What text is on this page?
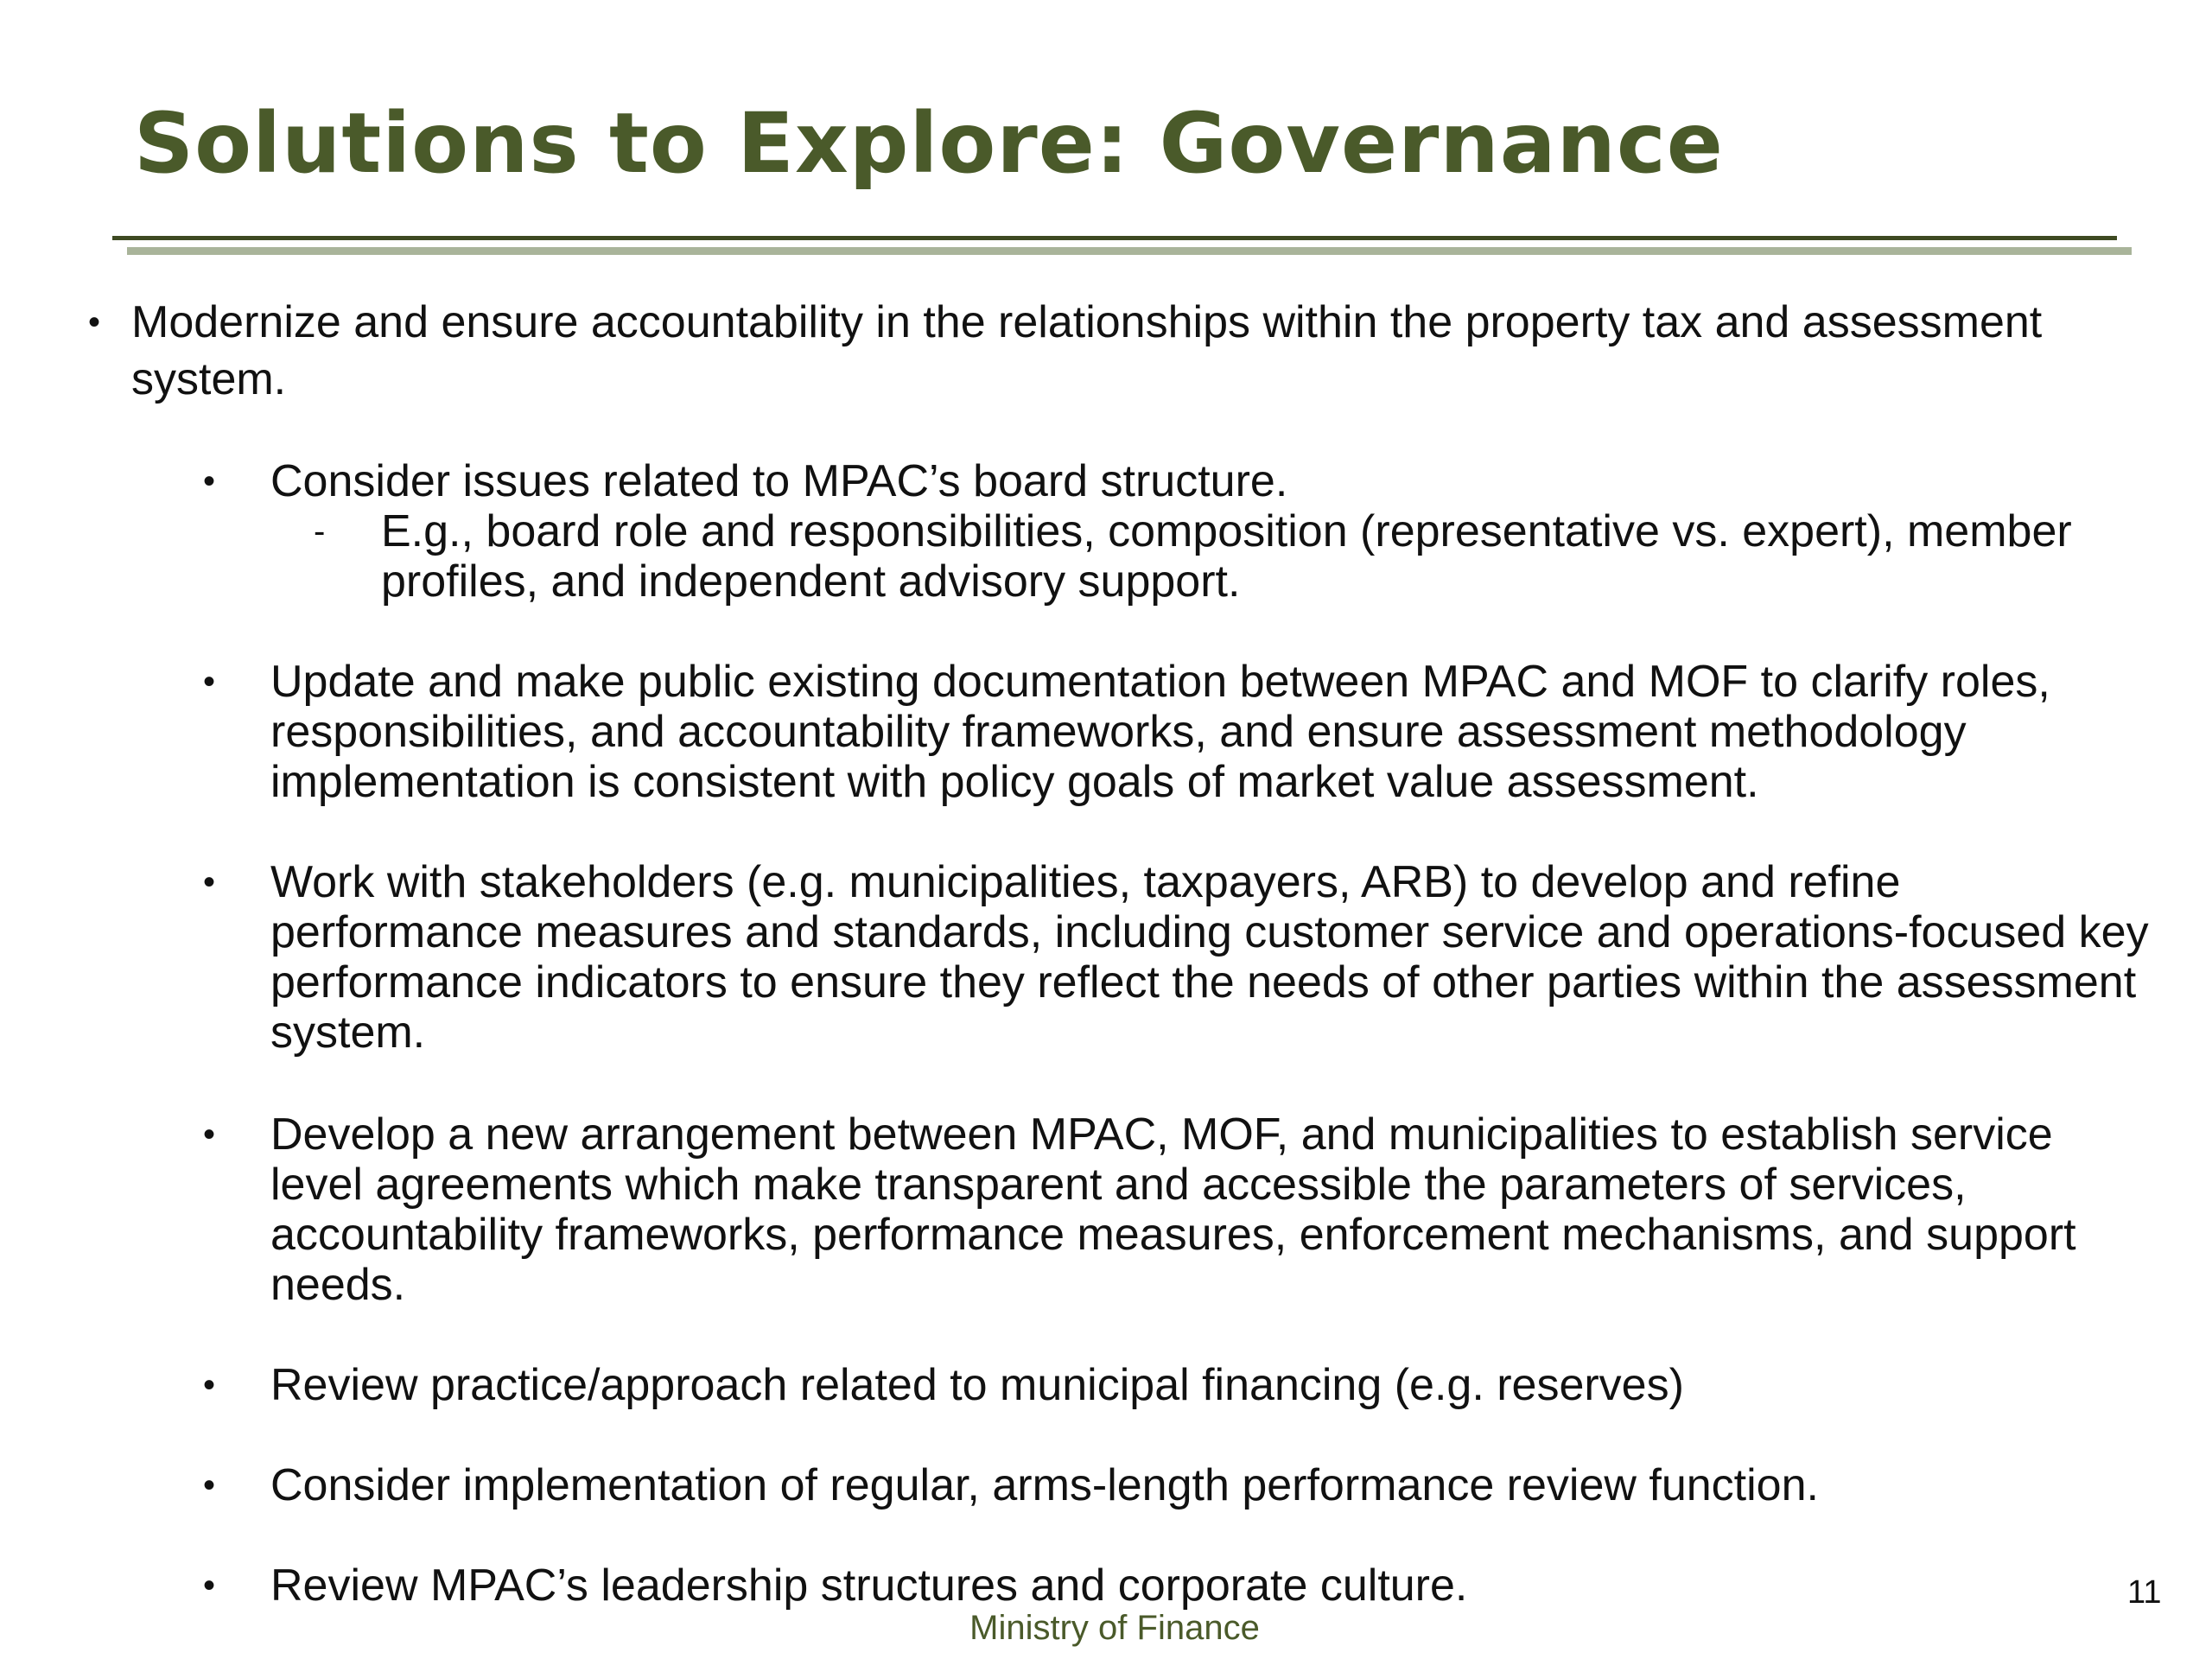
Solutions to Explore: Governance
• Modernize and ensure accountability in the relationships within the property tax and assessment system.
• Consider issues related to MPAC’s board structure.
- E.g., board role and responsibilities, composition (representative vs. expert), member profiles, and independent advisory support.
• Update and make public existing documentation between MPAC and MOF to clarify roles, responsibilities, and accountability frameworks, and ensure assessment methodology implementation is consistent with policy goals of market value assessment.
• Work with stakeholders (e.g. municipalities, taxpayers, ARB) to develop and refine performance measures and standards, including customer service and operations-focused key performance indicators to ensure they reflect the needs of other parties within the assessment system.
• Develop a new arrangement between MPAC, MOF, and municipalities to establish service level agreements which make transparent and accessible the parameters of services, accountability frameworks, performance measures, enforcement mechanisms, and support needs.
• Review practice/approach related to municipal financing (e.g. reserves)
• Consider implementation of regular, arms-length performance review function.
• Review MPAC’s leadership structures and corporate culture.
Ministry of Finance
11
